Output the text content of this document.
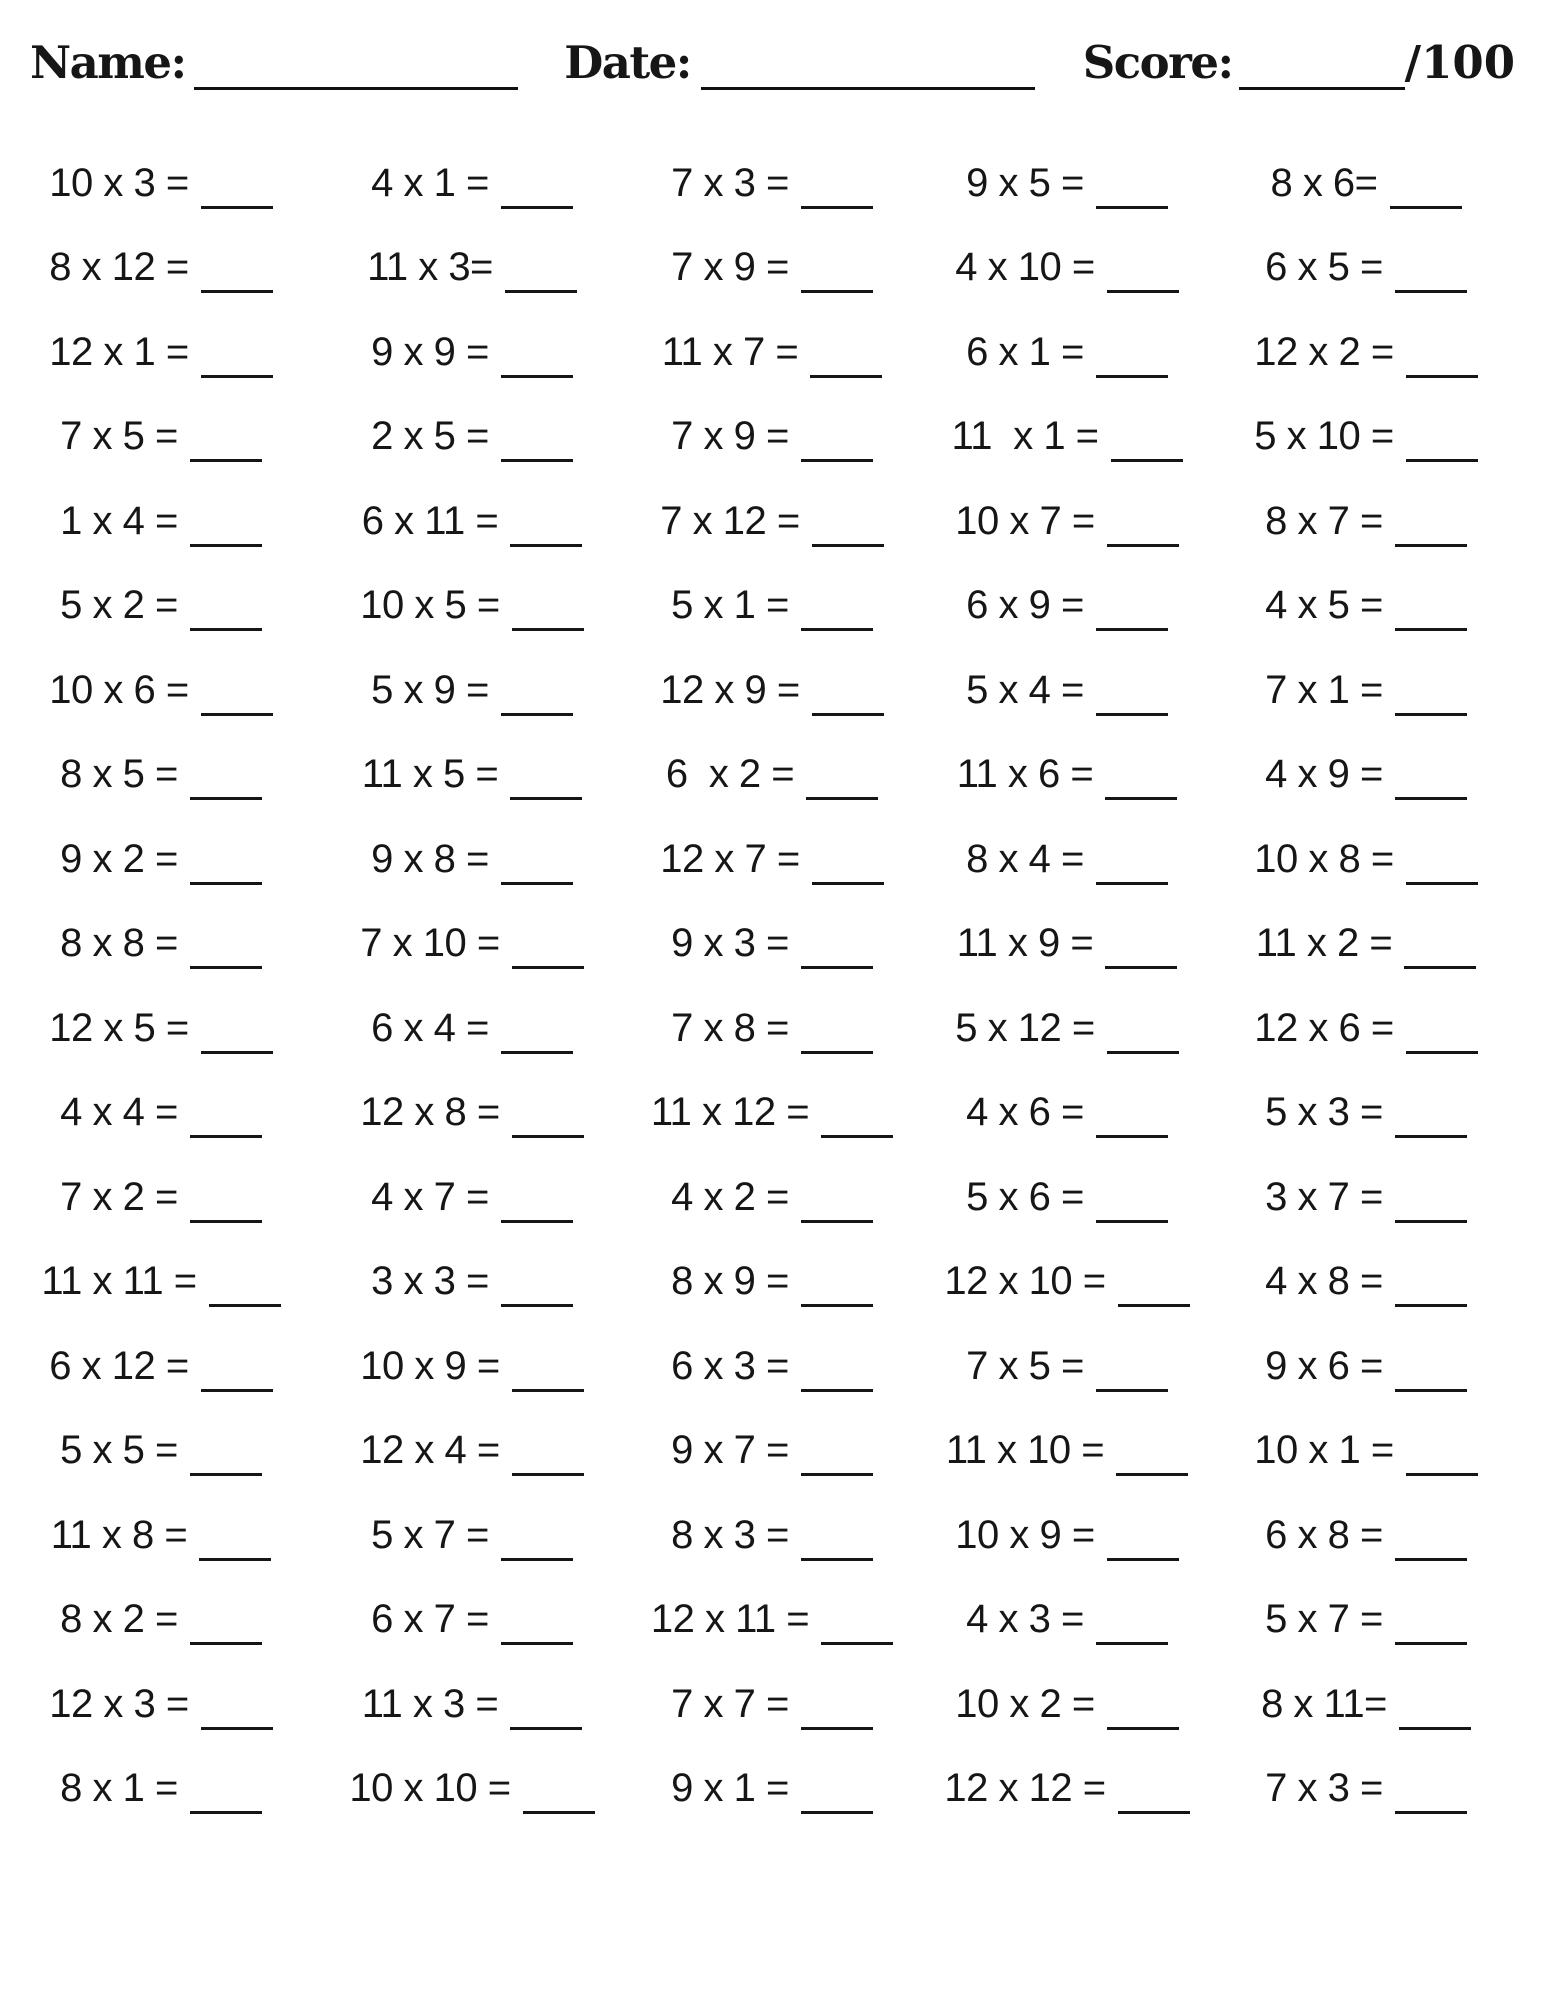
Name:	Date:	Score:	/100
10 x 3 =	4 x 1 =	7 x 3 =	9 x 5 =	8 x 6=
8 x 12 =	11 x 3=	7 x 9 =	4 x 10 =	6 x 5 =
12 x 1 =	9 x 9 =	11 x 7 =	6 x 1 =	12 x 2 =
7 x 5 =	2 x 5 =	7 x 9 =	11  x 1 =	5 x 10 =
1 x 4 =	6 x 11 =	7 x 12 =	10 x 7 =	8 x 7 =
5 x 2 =	10 x 5 =	5 x 1 =	6 x 9 =	4 x 5 =
10 x 6 =	5 x 9 =	12 x 9 =	5 x 4 =	7 x 1 =
8 x 5 =	11 x 5 =	6  x 2 =	11 x 6 =	4 x 9 =
9 x 2 =	9 x 8 =	12 x 7 =	8 x 4 =	10 x 8 =
8 x 8 =	7 x 10 =	9 x 3 =	11 x 9 =	11 x 2 =
12 x 5 =	6 x 4 =	7 x 8 =	5 x 12 =	12 x 6 =
4 x 4 =	12 x 8 =	11 x 12 =	4 x 6 =	5 x 3 =
7 x 2 =	4 x 7 =	4 x 2 =	5 x 6 =	3 x 7 =
11 x 11 =	3 x 3 =	8 x 9 =	12 x 10 =	4 x 8 =
6 x 12 =	10 x 9 =	6 x 3 =	7 x 5 =	9 x 6 =
5 x 5 =	12 x 4 =	9 x 7 =	11 x 10 =	10 x 1 =
11 x 8 =	5 x 7 =	8 x 3 =	10 x 9 =	6 x 8 =
8 x 2 =	6 x 7 =	12 x 11 =	4 x 3 =	5 x 7 =
12 x 3 =	11 x 3 =	7 x 7 =	10 x 2 =	8 x 11=
8 x 1 =	10 x 10 =	9 x 1 =	12 x 12 =	7 x 3 =
